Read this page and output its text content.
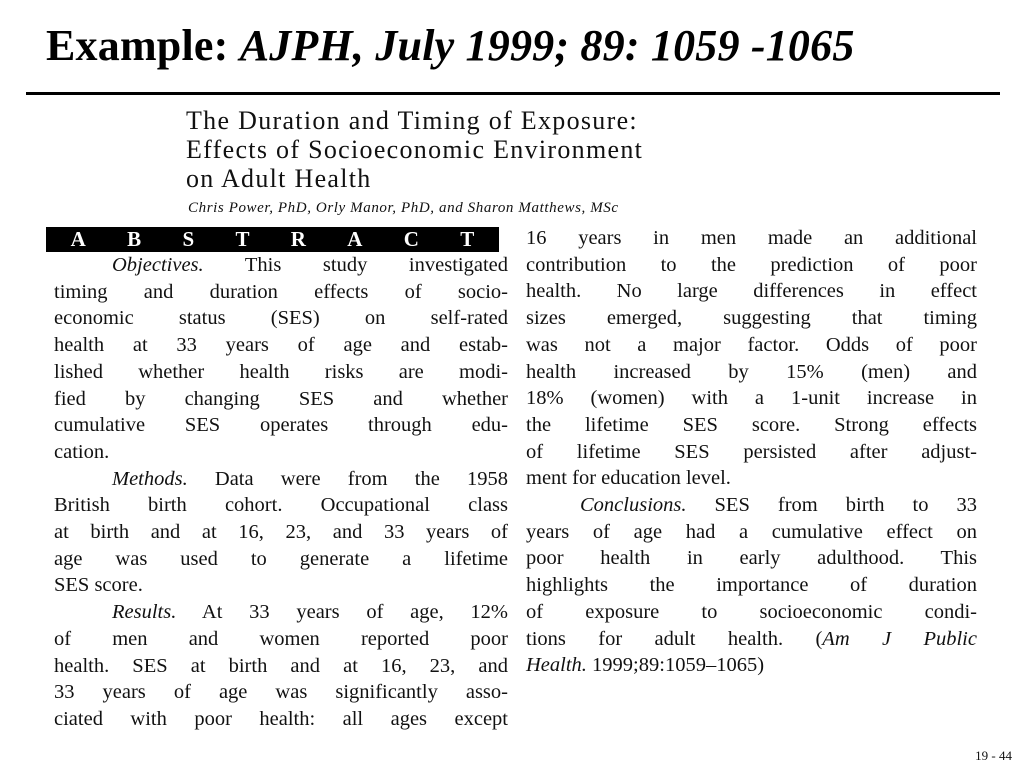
Example: AJPH, July 1999; 89: 1059 -1065
The Duration and Timing of Exposure:
Effects of Socioeconomic Environment
on Adult Health
Chris Power, PhD, Orly Manor, PhD, and Sharon Matthews, MSc
A B S T R A C T
Objectives. This study investigated
timing and duration effects of socio-
economic status (SES) on self-rated
health at 33 years of age and estab-
lished whether health risks are modi-
fied by changing SES and whether
cumulative SES operates through edu-
cation.
Methods. Data were from the 1958
British birth cohort. Occupational class
at birth and at 16, 23, and 33 years of
age was used to generate a lifetime
SES score.
Results. At 33 years of age, 12%
of men and women reported poor
health. SES at birth and at 16, 23, and
33 years of age was significantly asso-
ciated with poor health: all ages except
16 years in men made an additional
contribution to the prediction of poor
health. No large differences in effect
sizes emerged, suggesting that timing
was not a major factor. Odds of poor
health increased by 15% (men) and
18% (women) with a 1-unit increase in
the lifetime SES score. Strong effects
of lifetime SES persisted after adjust-
ment for education level.
Conclusions. SES from birth to 33
years of age had a cumulative effect on
poor health in early adulthood. This
highlights the importance of duration
of exposure to socioeconomic condi-
tions for adult health. (Am J Public
Health. 1999;89:1059–1065)
19 - 44
